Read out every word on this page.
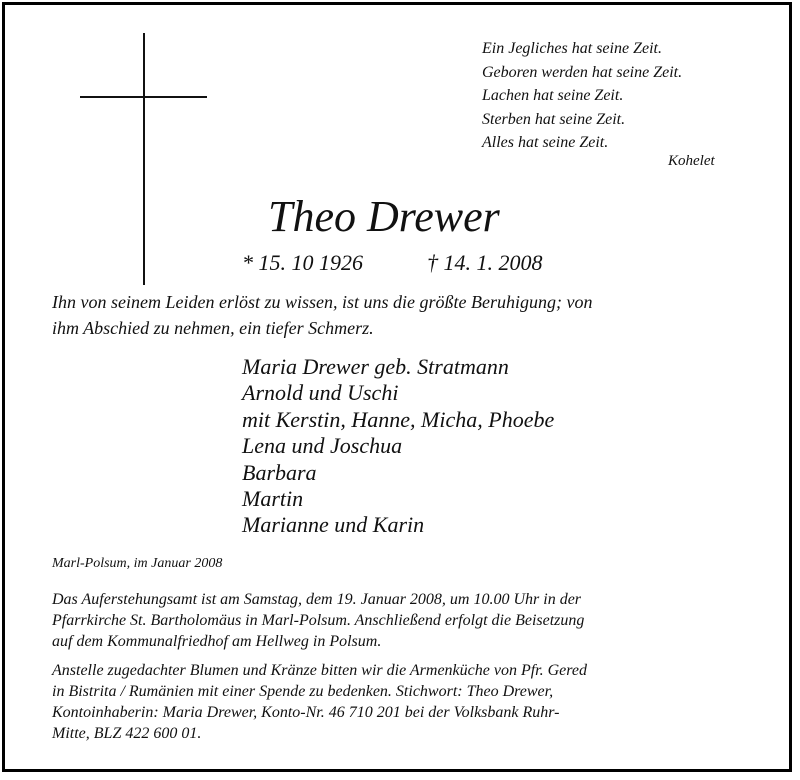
Ein Jegliches hat seine Zeit.
Geboren werden hat seine Zeit.
Lachen hat seine Zeit.
Sterben hat seine Zeit.
Alles hat seine Zeit.
Kohelet
Theo Drewer
* 15. 10 1926	† 14. 1. 2008
Ihn von seinem Leiden erlöst zu wissen, ist uns die größte Beruhigung; von
ihm Abschied zu nehmen, ein tiefer Schmerz.
Maria Drewer geb. Stratmann
Arnold und Uschi
mit Kerstin, Hanne, Micha, Phoebe
Lena und Joschua
Barbara
Martin
Marianne und Karin
Marl-Polsum, im Januar 2008
Das Auferstehungsamt ist am Samstag, dem 19. Januar 2008, um 10.00 Uhr in der
Pfarrkirche St. Bartholomäus in Marl-Polsum. Anschließend erfolgt die Beisetzung
auf dem Kommunalfriedhof am Hellweg in Polsum.
Anstelle zugedachter Blumen und Kränze bitten wir die Armenküche von Pfr. Gered
in Bistrita / Rumänien mit einer Spende zu bedenken. Stichwort: Theo Drewer,
Kontoinhaberin: Maria Drewer, Konto-Nr. 46 710 201 bei der Volksbank Ruhr-
Mitte, BLZ 422 600 01.
